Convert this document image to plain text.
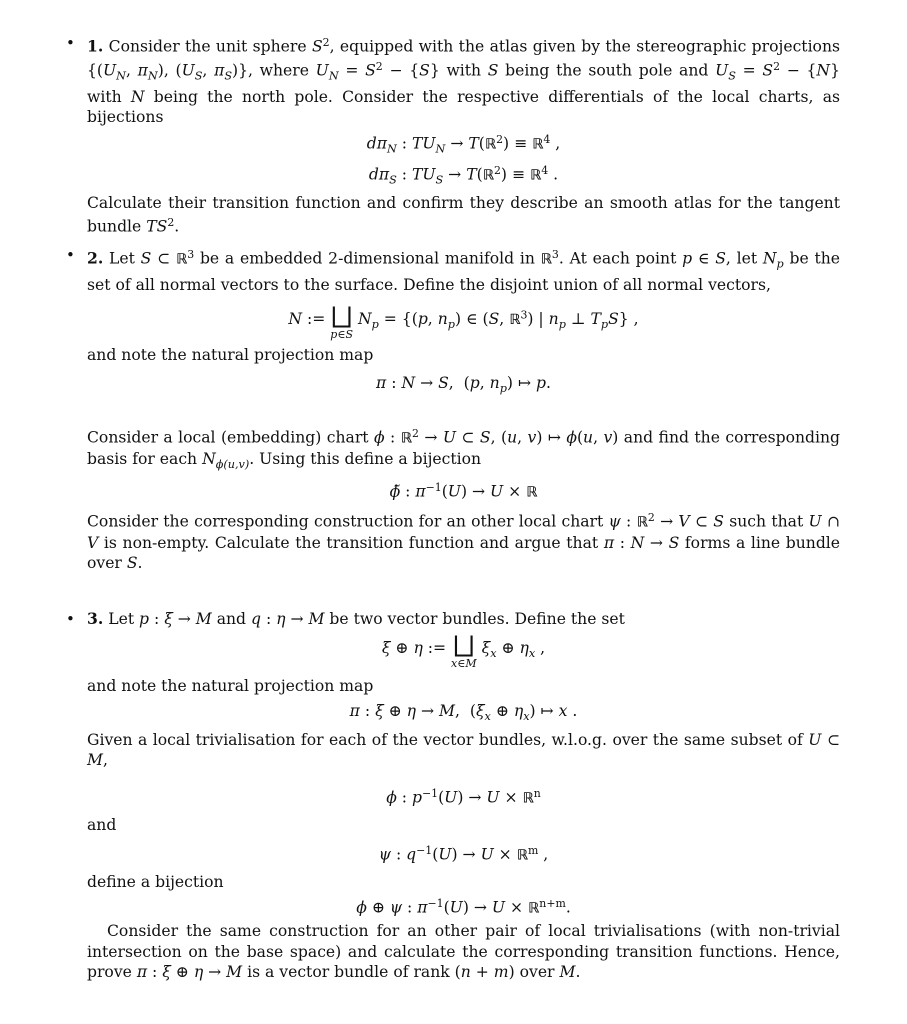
• 1. Consider the unit sphere $S^2$, equipped with the atlas given by the stereographic projections {($U_N$, $\pi_N$), ($U_S$, $\pi_S$)}, where $U_N = S^2 - \{S\}$ with S being the south pole and $U_S = S^2 - \{N\}$ with N being the north pole. Consider the respective differentials of the local charts, as bijections
$d\pi_N$ : $TU_N$ → T(ℝ$^2$) ≡ ℝ$^4$ ,
$d\pi_S$ : $TU_S$ → T(ℝ$^2$) ≡ ℝ$^4$ .
Calculate their transition function and confirm they describe an smooth atlas for the tangent bundle $TS^2$.
• 2. Let S ⊂ ℝ$^3$ be a embedded 2-dimensional manifold in ℝ$^3$. At each point p ∈ S, let $N_p$ be the set of all normal vectors to the surface. Define the disjoint union of all normal vectors,
N := ⨆
p∈S
$N_p = \{(p$, $n_p$) ∈ (S, ℝ$^3$) | $n_p$ ⊥ $T_pS$} ,
and note the natural projection map
π : N → S,  (p, $n_p$) ↦ p.
Consider a local (embedding) chart ϕ : ℝ$^2$ → U ⊂ S, (u, v) ↦ ϕ(u, v) and find the corresponding basis for each $N_{\phi(u,v)}$. Using this define a bijection
ϕ̃ : $\pi^{-1}(U) \to U$ × ℝ
Consider the corresponding construction for an other local chart ψ : ℝ$^2$ → V ⊂ S such that U ∩ V is non-empty. Calculate the transition function and argue that π : N → S forms a line bundle over S.
• 3. Let p : ξ → M and q : η → M be two vector bundles. Define the set
ξ ⊕ η := ⨆
x∈M
$\xi_x$ ⊕ $\eta_x$ ,
and note the natural projection map
π : ξ ⊕ η → M,  ($\xi_x$ ⊕ $\eta_x$) ↦ x .
Given a local trivialisation for each of the vector bundles, w.l.o.g. over the same subset of U ⊂ M,
ϕ : $p^{-1}(U) \to U$ × ℝ$^n$
and
ψ : $q^{-1}(U) \to U$ × ℝ$^m$ ,
define a bijection
ϕ ⊕ ψ : $\pi^{-1}(U) \to U$ × ℝ$^{n+m}$.
Consider the same construction for an other pair of local trivialisations (with non-trivial intersection on the base space) and calculate the corresponding transition functions. Hence, prove π : ξ ⊕ η → M is a vector bundle of rank (n + m) over M.
